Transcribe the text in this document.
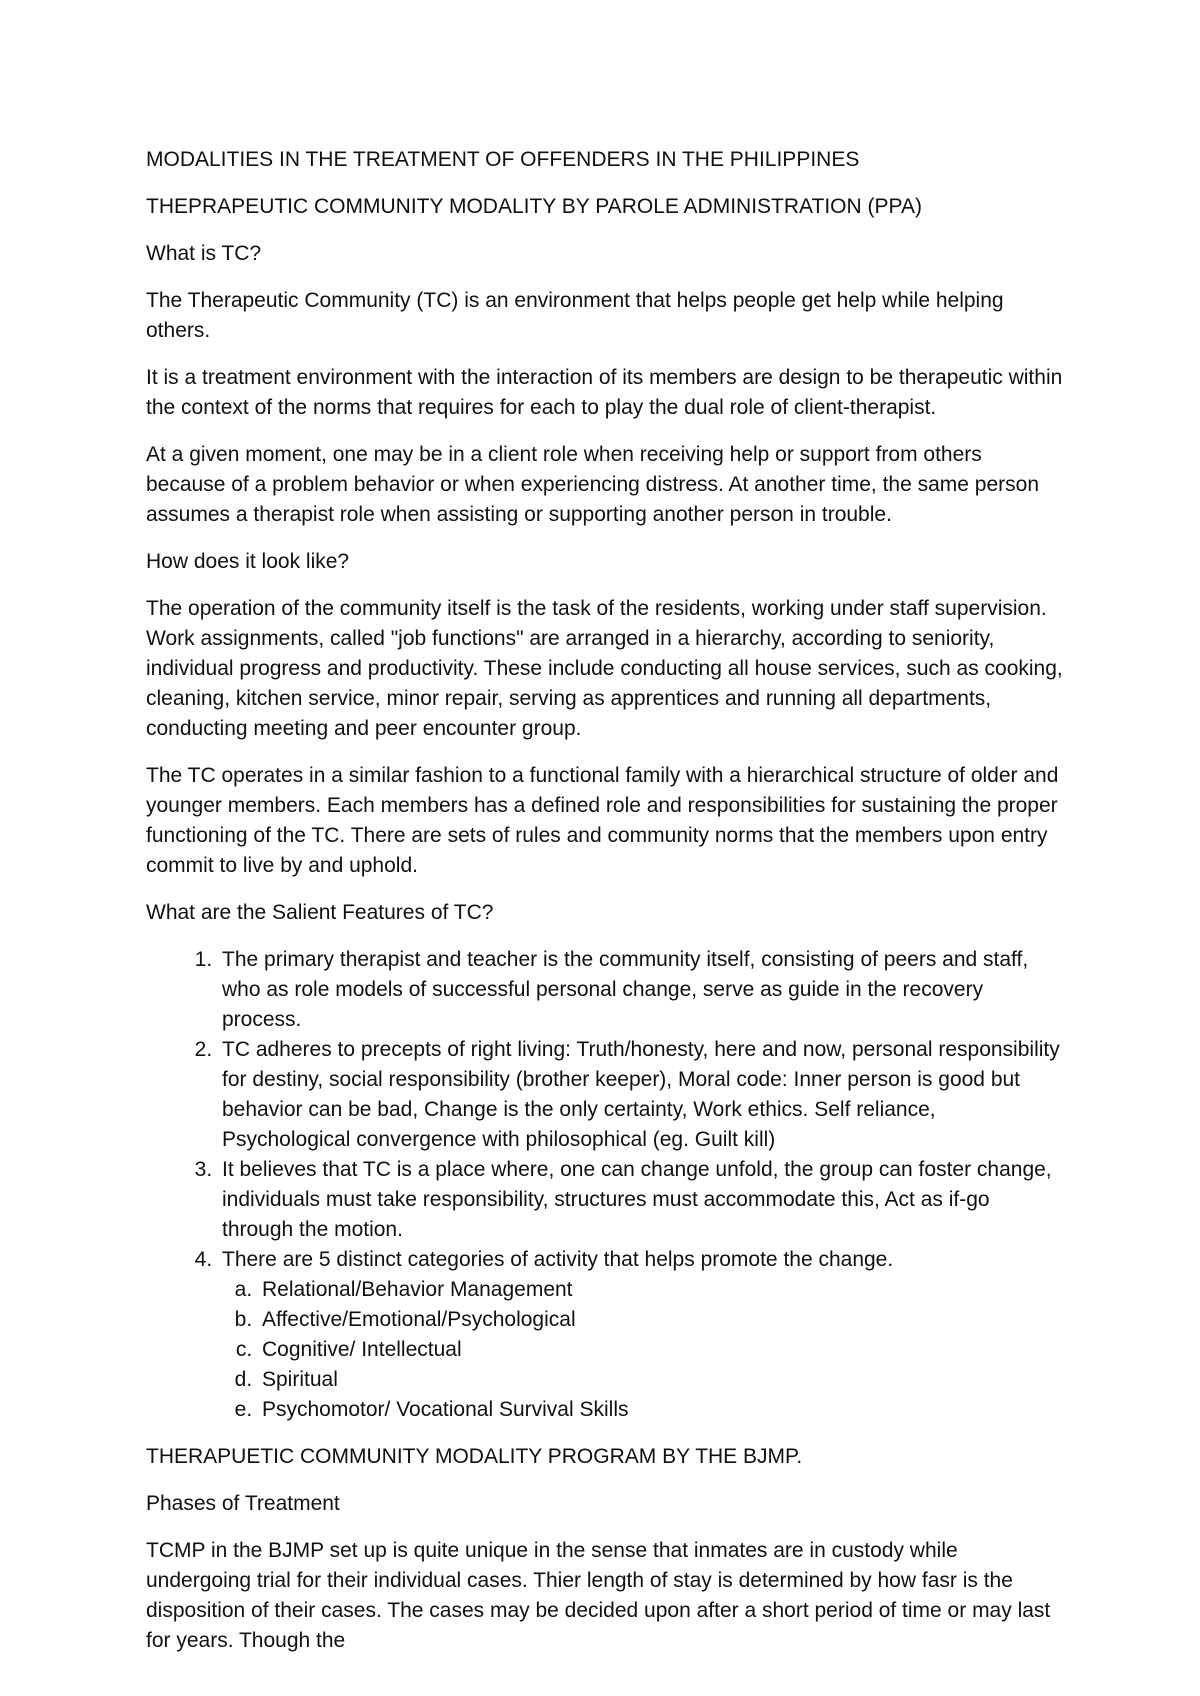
MODALITIES IN THE TREATMENT OF OFFENDERS IN THE PHILIPPINES

THEPRAPEUTIC COMMUNITY MODALITY BY PAROLE ADMINISTRATION (PPA)

What is TC?

The Therapeutic Community (TC) is an environment that helps people get help while helping others.

It is a treatment environment with the interaction of its members are design to be therapeutic within the context of the norms that requires for each to play the dual role of client-therapist.

At a given moment, one may be in a client role when receiving help or support from others because of a problem behavior or when experiencing distress. At another time, the same person assumes a therapist role when assisting or supporting another person in trouble.

How does it look like?

The operation of the community itself is the task of the residents, working under staff supervision. Work assignments, called "job functions" are arranged in a hierarchy, according to seniority, individual progress and productivity. These include conducting all house services, such as cooking, cleaning, kitchen service, minor repair, serving as apprentices and running all departments, conducting meeting and peer encounter group.

The TC operates in a similar fashion to a functional family with a hierarchical structure of older and younger members. Each members has a defined role and responsibilities for sustaining the proper functioning of the TC. There are sets of rules and community norms that the members upon entry commit to live by and uphold.

What are the Salient Features of TC?

1. The primary therapist and teacher is the community itself, consisting of peers and staff, who as role models of successful personal change, serve as guide in the recovery process.
2. TC adheres to precepts of right living: Truth/honesty, here and now, personal responsibility for destiny, social responsibility (brother keeper), Moral code: Inner person is good but behavior can be bad, Change is the only certainty, Work ethics. Self reliance, Psychological convergence with philosophical (eg. Guilt kill)
3. It believes that TC is a place where, one can change unfold, the group can foster change, individuals must take responsibility, structures must accommodate this, Act as if-go through the motion.
4. There are 5 distinct categories of activity that helps promote the change.
a. Relational/Behavior Management
b. Affective/Emotional/Psychological
c. Cognitive/ Intellectual
d. Spiritual
e. Psychomotor/ Vocational Survival Skills

THERAPUETIC COMMUNITY MODALITY PROGRAM BY THE BJMP.

Phases of Treatment

TCMP in the BJMP set up is quite unique in the sense that inmates are in custody while undergoing trial for their individual cases. Thier length of stay is determined by how fasr is the disposition of their cases. The cases may be decided upon after a short period of time or may last for years. Though the
